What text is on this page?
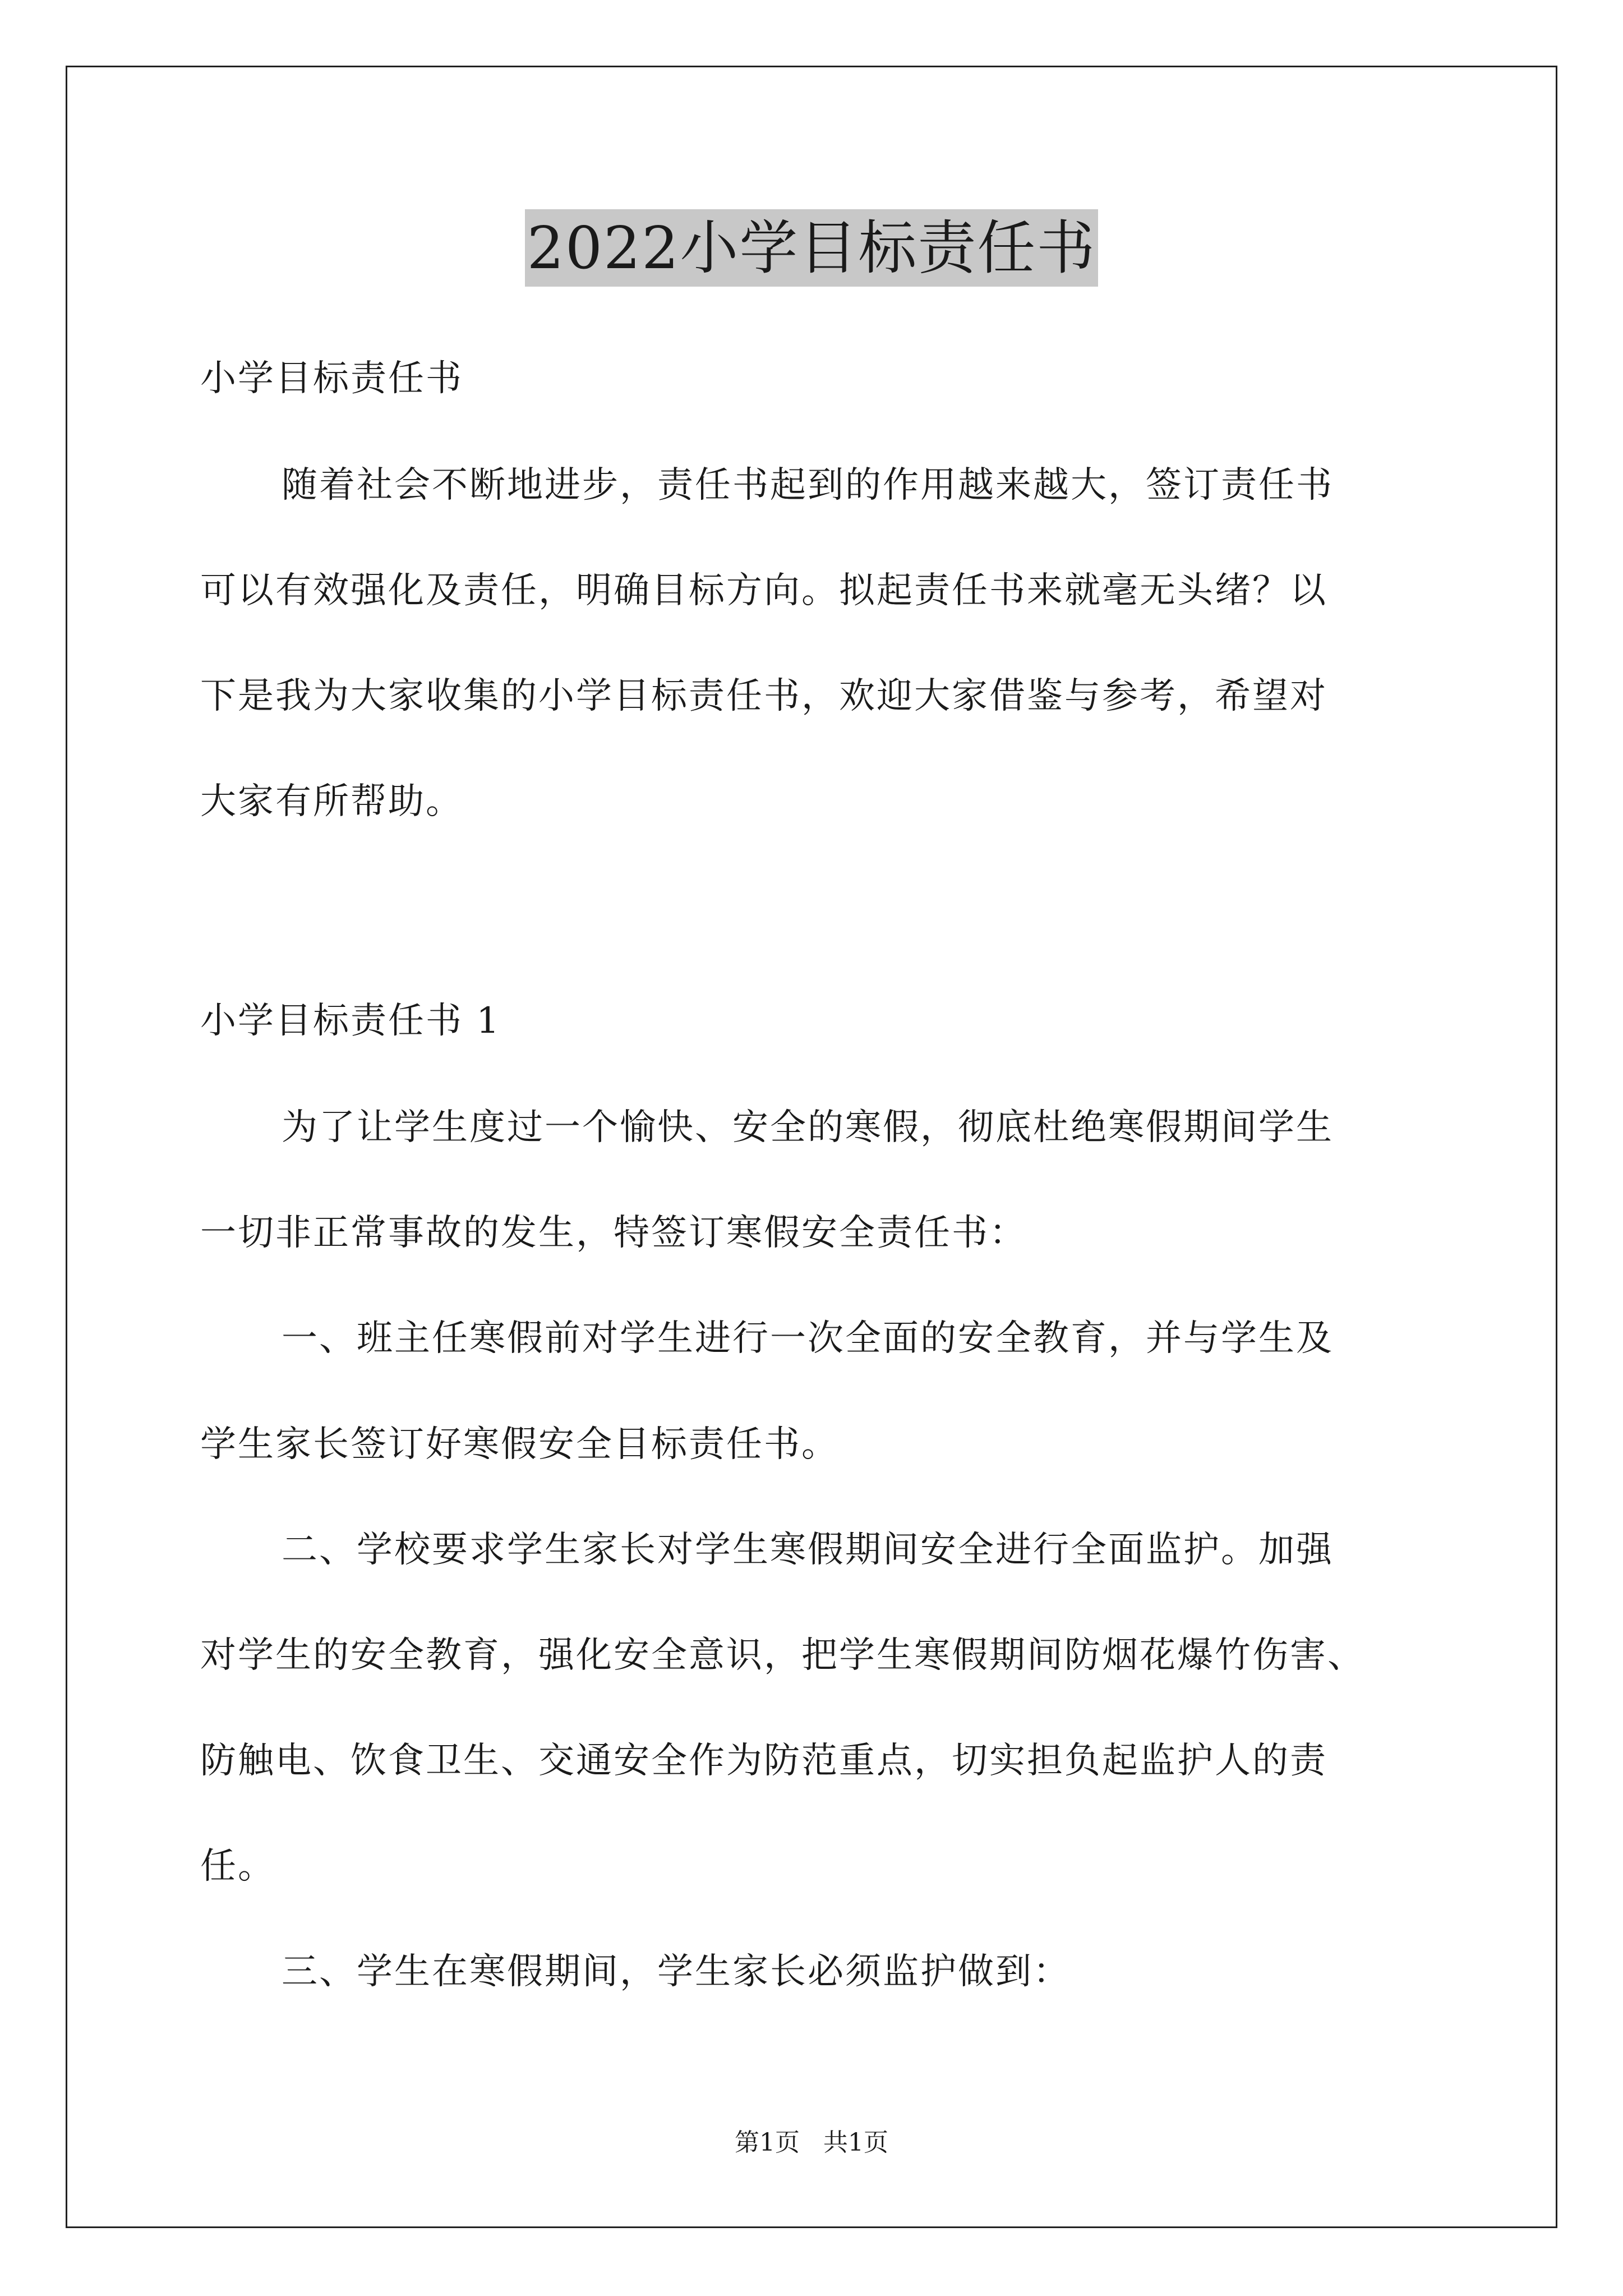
2022小学目标责任书
小学目标责任书
随着社会不断地进步，责任书起到的作用越来越大，签订责任书
可以有效强化及责任，明确目标方向。拟起责任书来就毫无头绪？以
下是我为大家收集的小学目标责任书，欢迎大家借鉴与参考，希望对
大家有所帮助。
小学目标责任书 1
为了让学生度过一个愉快、安全的寒假，彻底杜绝寒假期间学生
一切非正常事故的发生，特签订寒假安全责任书：
一、班主任寒假前对学生进行一次全面的安全教育，并与学生及
学生家长签订好寒假安全目标责任书。
二、学校要求学生家长对学生寒假期间安全进行全面监护。加强
对学生的安全教育，强化安全意识，把学生寒假期间防烟花爆竹伤害、
防触电、饮食卫生、交通安全作为防范重点，切实担负起监护人的责
任。
三、学生在寒假期间，学生家长必须监护做到：
第1页   共1页
